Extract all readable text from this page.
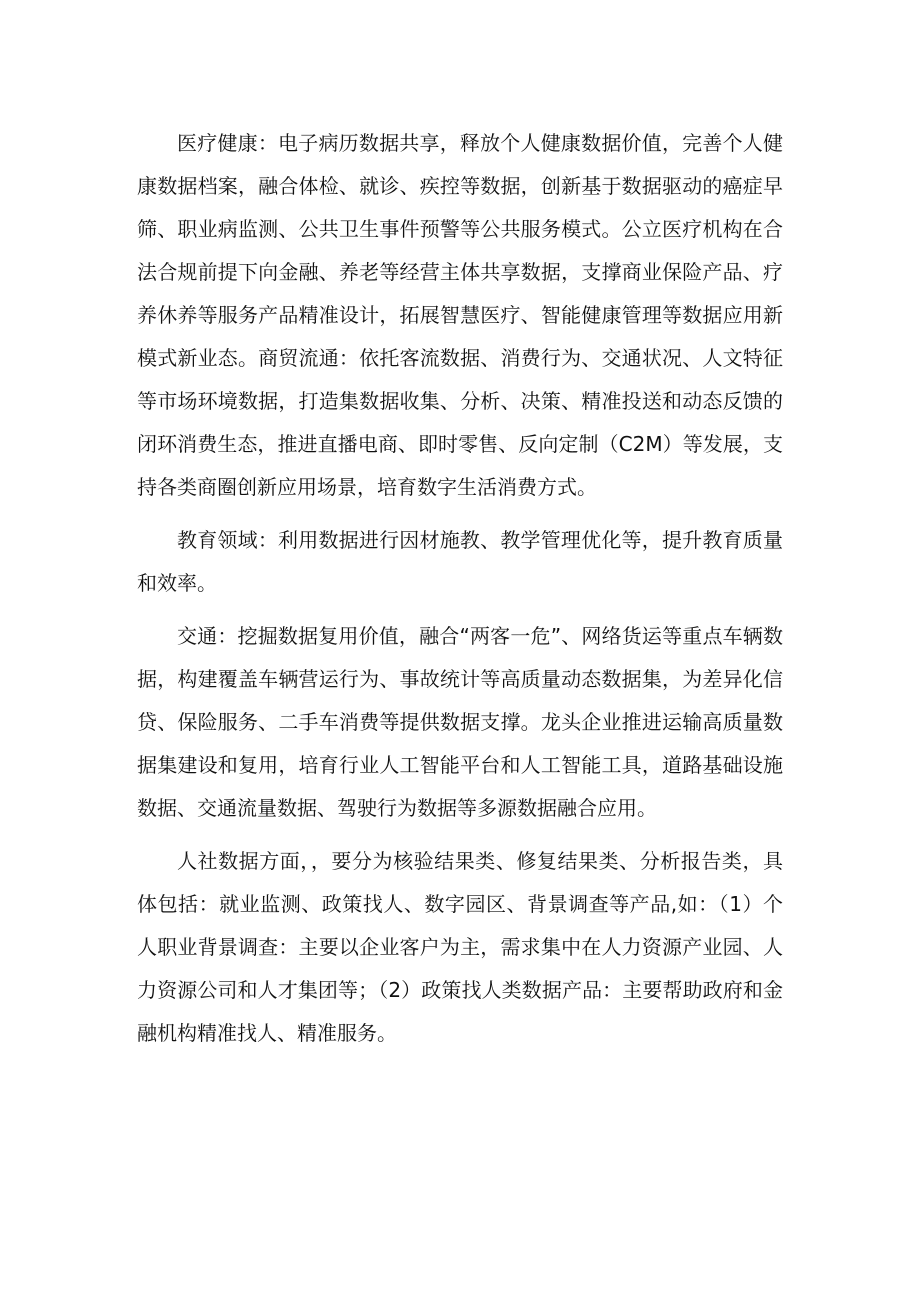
医疗健康：电子病历数据共享，释放个人健康数据价值，完善个人健康数据档案，融合体检、就诊、疾控等数据，创新基于数据驱动的癌症早筛、职业病监测、公共卫生事件预警等公共服务模式。公立医疗机构在合法合规前提下向金融、养老等经营主体共享数据，支撑商业保险产品、疗养休养等服务产品精准设计，拓展智慧医疗、智能健康管理等数据应用新模式新业态。商贸流通：依托客流数据、消费行为、交通状况、人文特征等市场环境数据，打造集数据收集、分析、决策、精准投送和动态反馈的闭环消费生态，推进直播电商、即时零售、反向定制（C2M）等发展，支持各类商圈创新应用场景，培育数字生活消费方式。

教育领域：利用数据进行因材施教、教学管理优化等，提升教育质量和效率。

交通：挖掘数据复用价值，融合“两客一危”、网络货运等重点车辆数据，构建覆盖车辆营运行为、事故统计等高质量动态数据集，为差异化信贷、保险服务、二手车消费等提供数据支撑。龙头企业推进运输高质量数据集建设和复用，培育行业人工智能平台和人工智能工具，道路基础设施数据、交通流量数据、驾驶行为数据等多源数据融合应用。

人社数据方面，，要分为核验结果类、修复结果类、分析报告类，具体包括：就业监测、政策找人、数字园区、背景调查等产品,如：（1）个人职业背景调查：主要以企业客户为主，需求集中在人力资源产业园、人力资源公司和人才集团等；（2）政策找人类数据产品：主要帮助政府和金融机构精准找人、精准服务。
